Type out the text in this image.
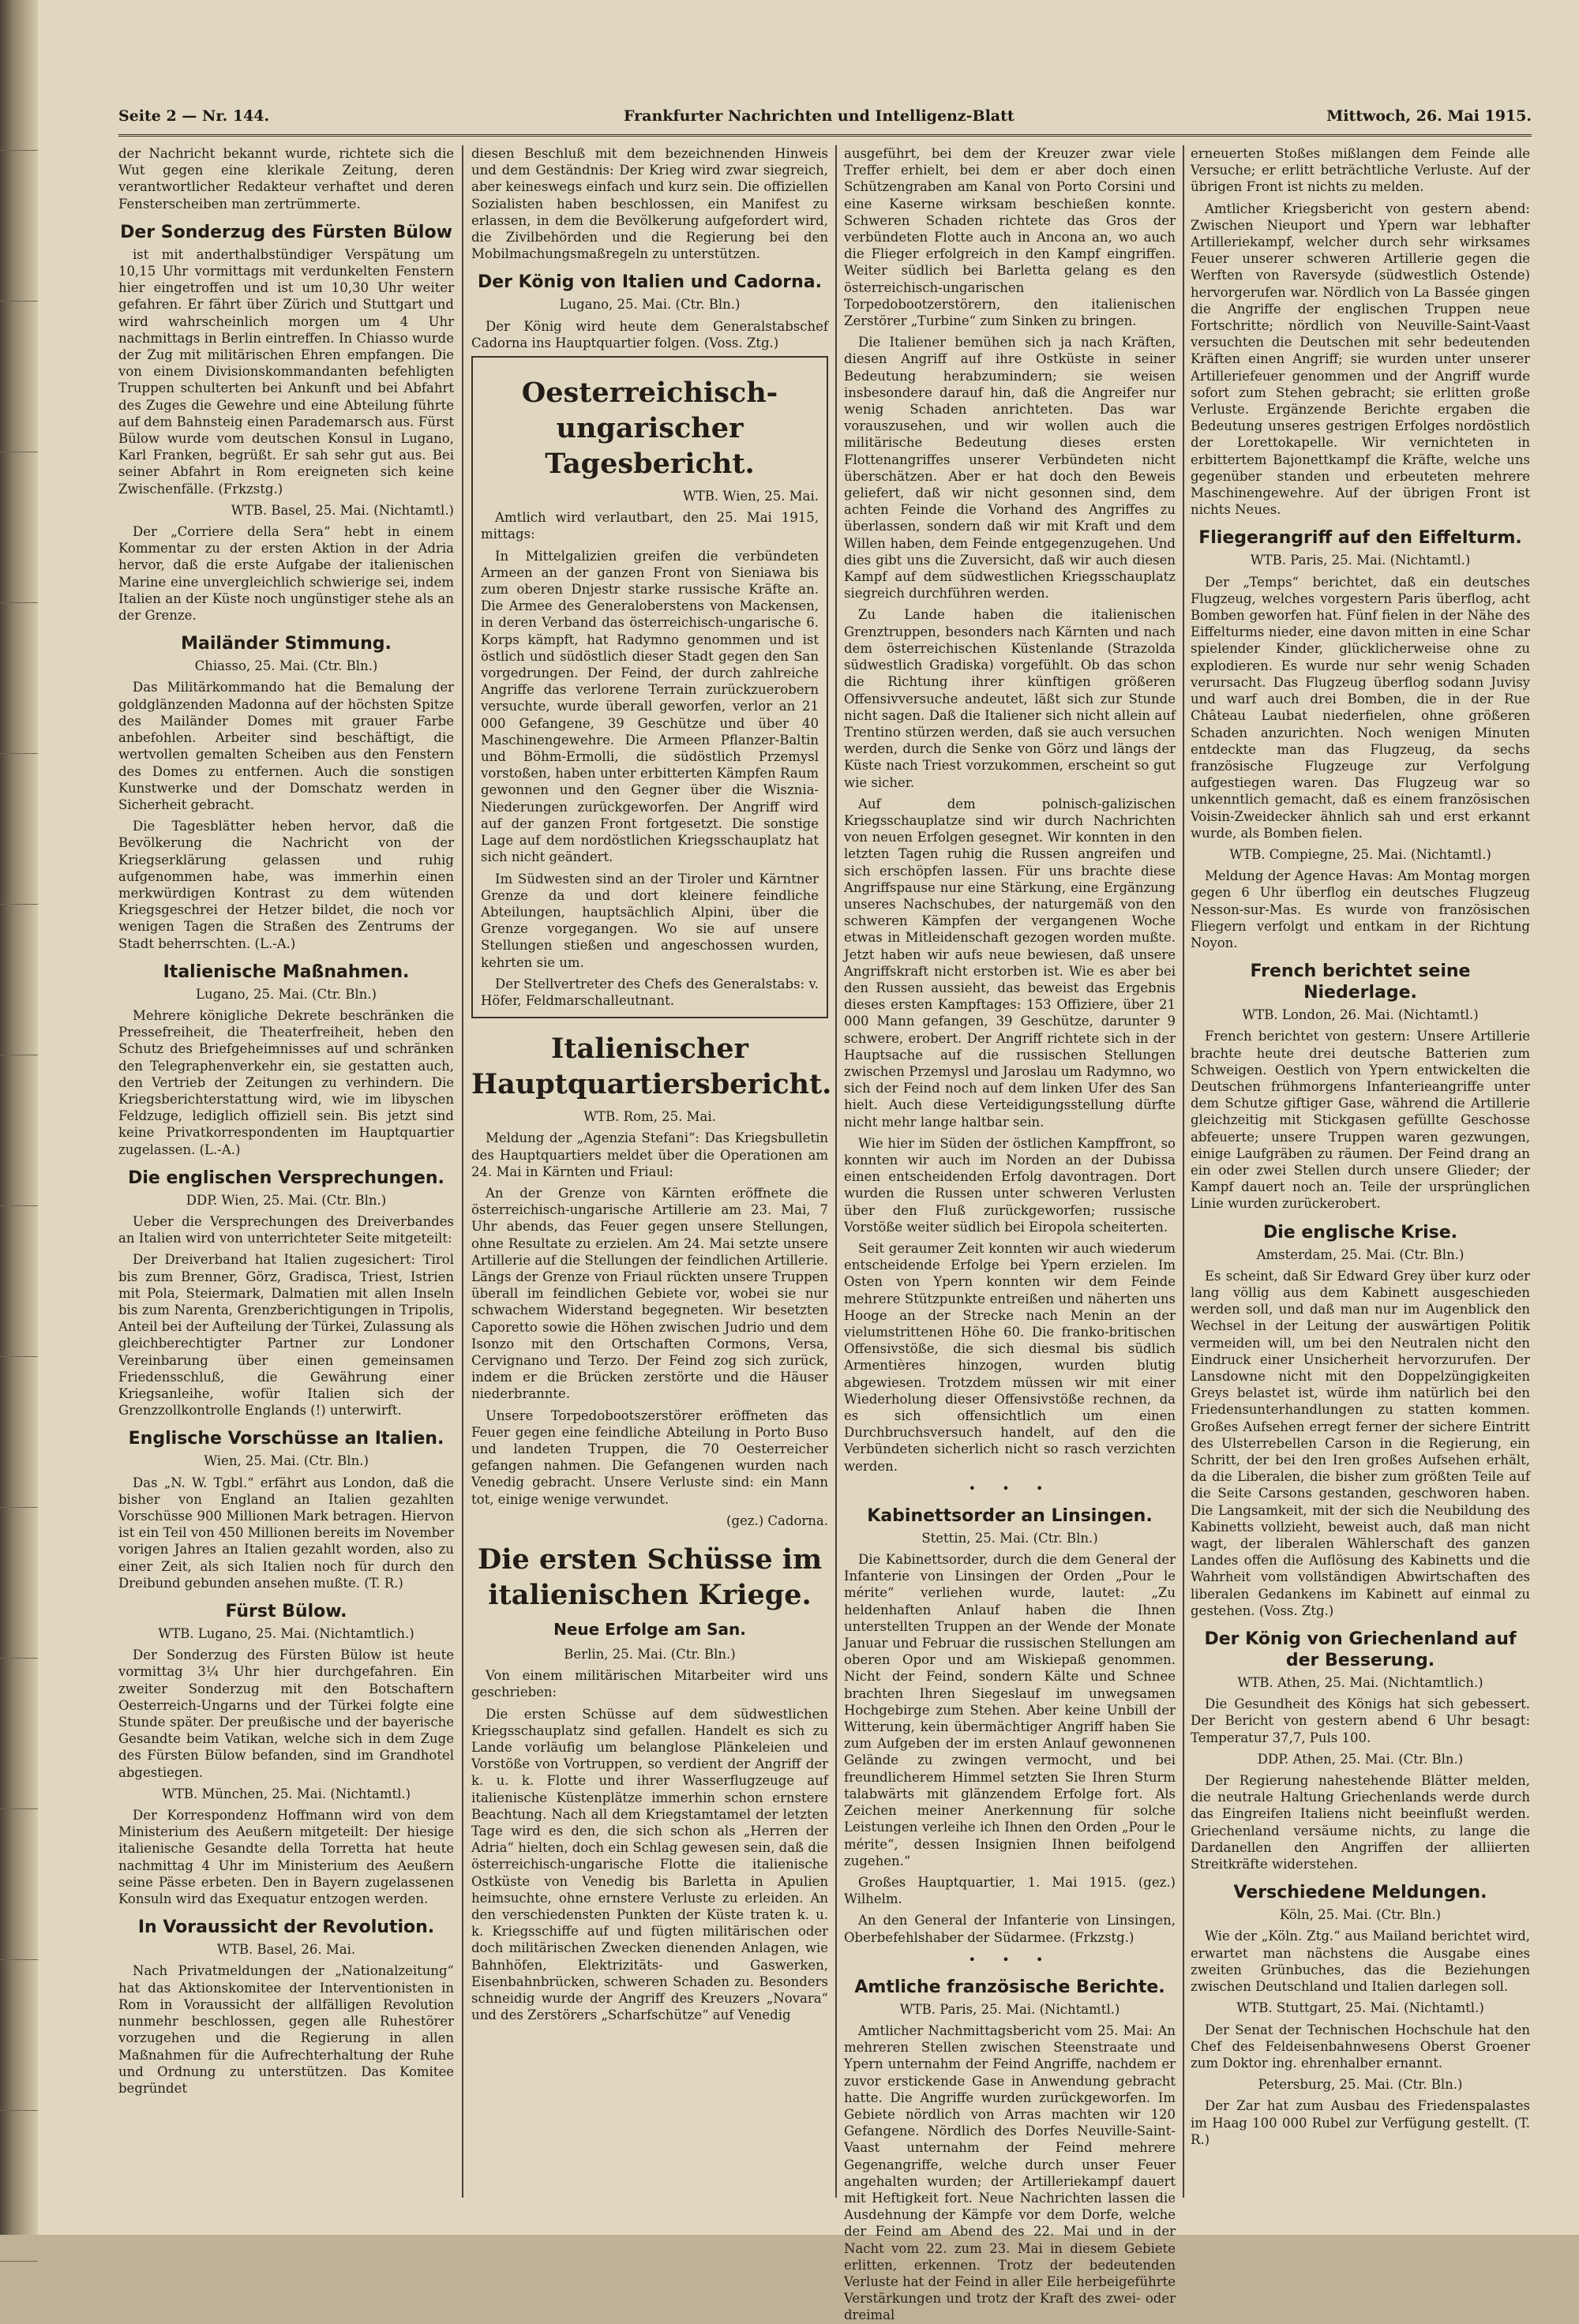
Seite 2 — Nr. 144.	Frankfurter Nachrichten und Intelligenz-Blatt	Mittwoch, 26. Mai 1915.

der Nachricht bekannt wurde, richtete sich die Wut gegen eine klerikale Zeitung, deren verantwortlicher Redakteur verhaftet und deren Fensterscheiben man zertrümmerte.

Der Sonderzug des Fürsten Bülow

ist mit anderthalbstündiger Verspätung um 10,15 Uhr vormittags mit verdunkelten Fenstern hier eingetroffen und ist um 10,30 Uhr weiter gefahren. Er fährt über Zürich und Stuttgart und wird wahrscheinlich morgen um 4 Uhr nachmittags in Berlin eintreffen. In Chiasso wurde der Zug mit militärischen Ehren empfangen. Die von einem Divisionskommandanten befehligten Truppen schulterten bei Ankunft und bei Abfahrt des Zuges die Gewehre und eine Abteilung führte auf dem Bahnsteig einen Parademarsch aus. Fürst Bülow wurde vom deutschen Konsul in Lugano, Karl Franken, begrüßt. Er sah sehr gut aus. Bei seiner Abfahrt in Rom ereigneten sich keine Zwischenfälle. (Frkzstg.)

WTB. Basel, 25. Mai. (Nichtamtl.)

Der „Corriere della Sera“ hebt in einem Kommentar zu der ersten Aktion in der Adria hervor, daß die erste Aufgabe der italienischen Marine eine unvergleichlich schwierige sei, indem Italien an der Küste noch ungünstiger stehe als an der Grenze.

Mailänder Stimmung.

Chiasso, 25. Mai. (Ctr. Bln.)

Das Militärkommando hat die Bemalung der goldglänzenden Madonna auf der höchsten Spitze des Mailänder Domes mit grauer Farbe anbefohlen. Arbeiter sind beschäftigt, die wertvollen gemalten Scheiben aus den Fenstern des Domes zu entfernen. Auch die sonstigen Kunstwerke und der Domschatz werden in Sicherheit gebracht.

Die Tagesblätter heben hervor, daß die Bevölkerung die Nachricht von der Kriegserklärung gelassen und ruhig aufgenommen habe, was immerhin einen merkwürdigen Kontrast zu dem wütenden Kriegsgeschrei der Hetzer bildet, die noch vor wenigen Tagen die Straßen des Zentrums der Stadt beherrschten. (L.-A.)

Italienische Maßnahmen.

Lugano, 25. Mai. (Ctr. Bln.)

Mehrere königliche Dekrete beschränken die Pressefreiheit, die Theaterfreiheit, heben den Schutz des Briefgeheimnisses auf und schränken den Telegraphenverkehr ein, sie gestatten auch, den Vertrieb der Zeitungen zu verhindern. Die Kriegsberichterstattung wird, wie im libyschen Feldzuge, lediglich offiziell sein. Bis jetzt sind keine Privatkorrespondenten im Hauptquartier zugelassen. (L.-A.)

Die englischen Versprechungen.

DDP. Wien, 25. Mai. (Ctr. Bln.)

Ueber die Versprechungen des Dreiverbandes an Italien wird von unterrichteter Seite mitgeteilt:

Der Dreiverband hat Italien zugesichert: Tirol bis zum Brenner, Görz, Gradisca, Triest, Istrien mit Pola, Steiermark, Dalmatien mit allen Inseln bis zum Narenta, Grenzberichtigungen in Tripolis, Anteil bei der Aufteilung der Türkei, Zulassung als gleichberechtigter Partner zur Londoner Vereinbarung über einen gemeinsamen Friedensschluß, die Gewährung einer Kriegsanleihe, wofür Italien sich der Grenzzollkontrolle Englands (!) unterwirft.

Englische Vorschüsse an Italien.

Wien, 25. Mai. (Ctr. Bln.)

Das „N. W. Tgbl.“ erfährt aus London, daß die bisher von England an Italien gezahlten Vorschüsse 900 Millionen Mark betragen. Hiervon ist ein Teil von 450 Millionen bereits im November vorigen Jahres an Italien gezahlt worden, also zu einer Zeit, als sich Italien noch für durch den Dreibund gebunden ansehen mußte. (T. R.)

Fürst Bülow.

WTB. Lugano, 25. Mai. (Nichtamtlich.)

Der Sonderzug des Fürsten Bülow ist heute vormittag 3¼ Uhr hier durchgefahren. Ein zweiter Sonderzug mit den Botschaftern Oesterreich-Ungarns und der Türkei folgte eine Stunde später. Der preußische und der bayerische Gesandte beim Vatikan, welche sich in dem Zuge des Fürsten Bülow befanden, sind im Grandhotel abgestiegen.

WTB. München, 25. Mai. (Nichtamtl.)

Der Korrespondenz Hoffmann wird von dem Ministerium des Aeußern mitgeteilt: Der hiesige italienische Gesandte della Torretta hat heute nachmittag 4 Uhr im Ministerium des Aeußern seine Pässe erbeten. Den in Bayern zugelassenen Konsuln wird das Exequatur entzogen werden.

In Voraussicht der Revolution.

WTB. Basel, 26. Mai.

Nach Privatmeldungen der „Nationalzeitung“ hat das Aktionskomitee der Interventionisten in Rom in Voraussicht der allfälligen Revolution nunmehr beschlossen, gegen alle Ruhestörer vorzugehen und die Regierung in allen Maßnahmen für die Aufrechterhaltung der Ruhe und Ordnung zu unterstützen. Das Komitee begründet

diesen Beschluß mit dem bezeichnenden Hinweis und dem Geständnis: Der Krieg wird zwar siegreich, aber keineswegs einfach und kurz sein. Die offiziellen Sozialisten haben beschlossen, ein Manifest zu erlassen, in dem die Bevölkerung aufgefordert wird, die Zivilbehörden und die Regierung bei den Mobilmachungsmaßregeln zu unterstützen.

Der König von Italien und Cadorna.

Lugano, 25. Mai. (Ctr. Bln.)

Der König wird heute dem Generalstabschef Cadorna ins Hauptquartier folgen. (Voss. Ztg.)

Oesterreichisch-ungarischer Tagesbericht.

WTB. Wien, 25. Mai.

Amtlich wird verlautbart, den 25. Mai 1915, mittags:

In Mittelgalizien greifen die verbündeten Armeen an der ganzen Front von Sieniawa bis zum oberen Dnjestr starke russische Kräfte an. Die Armee des Generaloberstens von Mackensen, in deren Verband das österreichisch-ungarische 6. Korps kämpft, hat Radymno genommen und ist östlich und südöstlich dieser Stadt gegen den San vorgedrungen. Der Feind, der durch zahlreiche Angriffe das verlorene Terrain zurückzuerobern versuchte, wurde überall geworfen, verlor an 21 000 Gefangene, 39 Geschütze und über 40 Maschinengewehre. Die Armeen Pflanzer-Baltin und Böhm-Ermolli, die südöstlich Przemysl vorstoßen, haben unter erbitterten Kämpfen Raum gewonnen und den Gegner über die Wisznia-Niederungen zurückgeworfen. Der Angriff wird auf der ganzen Front fortgesetzt. Die sonstige Lage auf dem nordöstlichen Kriegsschauplatz hat sich nicht geändert.

Im Südwesten sind an der Tiroler und Kärntner Grenze da und dort kleinere feindliche Abteilungen, hauptsächlich Alpini, über die Grenze vorgegangen. Wo sie auf unsere Stellungen stießen und angeschossen wurden, kehrten sie um.

Der Stellvertreter des Chefs des Generalstabs: v. Höfer, Feldmarschalleutnant.

Italienischer Hauptquartiersbericht.

WTB. Rom, 25. Mai.

Meldung der „Agenzia Stefani“: Das Kriegsbulletin des Hauptquartiers meldet über die Operationen am 24. Mai in Kärnten und Friaul:

An der Grenze von Kärnten eröffnete die österreichisch-ungarische Artillerie am 23. Mai, 7 Uhr abends, das Feuer gegen unsere Stellungen, ohne Resultate zu erzielen. Am 24. Mai setzte unsere Artillerie auf die Stellungen der feindlichen Artillerie. Längs der Grenze von Friaul rückten unsere Truppen überall im feindlichen Gebiete vor, wobei sie nur schwachem Widerstand begegneten. Wir besetzten Caporetto sowie die Höhen zwischen Judrio und dem Isonzo mit den Ortschaften Cormons, Versa, Cervignano und Terzo. Der Feind zog sich zurück, indem er die Brücken zerstörte und die Häuser niederbrannte.

Unsere Torpedobootszerstörer eröffneten das Feuer gegen eine feindliche Abteilung in Porto Buso und landeten Truppen, die 70 Oesterreicher gefangen nahmen. Die Gefangenen wurden nach Venedig gebracht. Unsere Verluste sind: ein Mann tot, einige wenige verwundet.

(gez.) Cadorna.

Die ersten Schüsse im italienischen Kriege.
Neue Erfolge am San.

Berlin, 25. Mai. (Ctr. Bln.)

Von einem militärischen Mitarbeiter wird uns geschrieben:

Die ersten Schüsse auf dem südwestlichen Kriegsschauplatz sind gefallen. Handelt es sich zu Lande vorläufig um belanglose Plänkeleien und Vorstöße von Vortruppen, so verdient der Angriff der k. u. k. Flotte und ihrer Wasserflugzeuge auf italienische Küstenplätze immerhin schon ernstere Beachtung. Nach all dem Kriegstamtamel der letzten Tage wird es den, die sich schon als „Herren der Adria“ hielten, doch ein Schlag gewesen sein, daß die österreichisch-ungarische Flotte die italienische Ostküste von Venedig bis Barletta in Apulien heimsuchte, ohne ernstere Verluste zu erleiden. An den verschiedensten Punkten der Küste traten k. u. k. Kriegsschiffe auf und fügten militärischen oder doch militärischen Zwecken dienenden Anlagen, wie Bahnhöfen, Elektrizitäts- und Gaswerken, Eisenbahnbrücken, schweren Schaden zu. Besonders schneidig wurde der Angriff des Kreuzers „Novara“ und des Zerstörers „Scharfschütze“ auf Venedig

ausgeführt, bei dem der Kreuzer zwar viele Treffer erhielt, bei dem er aber doch einen Schützengraben am Kanal von Porto Corsini und eine Kaserne wirksam beschießen konnte. Schweren Schaden richtete das Gros der verbündeten Flotte auch in Ancona an, wo auch die Flieger erfolgreich in den Kampf eingriffen. Weiter südlich bei Barletta gelang es den österreichisch-ungarischen Torpedobootzerstörern, den italienischen Zerstörer „Turbine“ zum Sinken zu bringen.

Die Italiener bemühen sich ja nach Kräften, diesen Angriff auf ihre Ostküste in seiner Bedeutung herabzumindern; sie weisen insbesondere darauf hin, daß die Angreifer nur wenig Schaden anrichteten. Das war vorauszusehen, und wir wollen auch die militärische Bedeutung dieses ersten Flottenangriffes unserer Verbündeten nicht überschätzen. Aber er hat doch den Beweis geliefert, daß wir nicht gesonnen sind, dem achten Feinde die Vorhand des Angriffes zu überlassen, sondern daß wir mit Kraft und dem Willen haben, dem Feinde entgegenzugehen. Und dies gibt uns die Zuversicht, daß wir auch diesen Kampf auf dem südwestlichen Kriegsschauplatz siegreich durchführen werden.

Zu Lande haben die italienischen Grenztruppen, besonders nach Kärnten und nach dem österreichischen Küstenlande (Strazolda südwestlich Gradiska) vorgefühlt. Ob das schon die Richtung ihrer künftigen größeren Offensivversuche andeutet, läßt sich zur Stunde nicht sagen. Daß die Italiener sich nicht allein auf Trentino stürzen werden, daß sie auch versuchen werden, durch die Senke von Görz und längs der Küste nach Triest vorzukommen, erscheint so gut wie sicher.

Auf dem polnisch-galizischen Kriegsschauplatze sind wir durch Nachrichten von neuen Erfolgen gesegnet. Wir konnten in den letzten Tagen ruhig die Russen angreifen und sich erschöpfen lassen. Für uns brachte diese Angriffspause nur eine Stärkung, eine Ergänzung unseres Nachschubes, der naturgemäß von den schweren Kämpfen der vergangenen Woche etwas in Mitleidenschaft gezogen worden mußte. Jetzt haben wir aufs neue bewiesen, daß unsere Angriffskraft nicht erstorben ist. Wie es aber bei den Russen aussieht, das beweist das Ergebnis dieses ersten Kampftages: 153 Offiziere, über 21 000 Mann gefangen, 39 Geschütze, darunter 9 schwere, erobert. Der Angriff richtete sich in der Hauptsache auf die russischen Stellungen zwischen Przemysl und Jaroslau um Radymno, wo sich der Feind noch auf dem linken Ufer des San hielt. Auch diese Verteidigungsstellung dürfte nicht mehr lange haltbar sein.

Wie hier im Süden der östlichen Kampffront, so konnten wir auch im Norden an der Dubissa einen entscheidenden Erfolg davontragen. Dort wurden die Russen unter schweren Verlusten über den Fluß zurückgeworfen; russische Vorstöße weiter südlich bei Eiropola scheiterten.

Seit geraumer Zeit konnten wir auch wiederum entscheidende Erfolge bei Ypern erzielen. Im Osten von Ypern konnten wir dem Feinde mehrere Stützpunkte entreißen und näherten uns Hooge an der Strecke nach Menin an der vielumstrittenen Höhe 60. Die franko-britischen Offensivstöße, die sich diesmal bis südlich Armentières hinzogen, wurden blutig abgewiesen. Trotzdem müssen wir mit einer Wiederholung dieser Offensivstöße rechnen, da es sich offensichtlich um einen Durchbruchsversuch handelt, auf den die Verbündeten sicherlich nicht so rasch verzichten werden.

•  •  •
Kabinettsorder an Linsingen.

Stettin, 25. Mai. (Ctr. Bln.)

Die Kabinettsorder, durch die dem General der Infanterie von Linsingen der Orden „Pour le mérite“ verliehen wurde, lautet: „Zu heldenhaften Anlauf haben die Ihnen unterstellten Truppen an der Wende der Monate Januar und Februar die russischen Stellungen am oberen Opor und am Wiskiepaß genommen. Nicht der Feind, sondern Kälte und Schnee brachten Ihren Siegeslauf im unwegsamen Hochgebirge zum Stehen. Aber keine Unbill der Witterung, kein übermächtiger Angriff haben Sie zum Aufgeben der im ersten Anlauf gewonnenen Gelände zu zwingen vermocht, und bei freundlicherem Himmel setzten Sie Ihren Sturm talabwärts mit glänzendem Erfolge fort. Als Zeichen meiner Anerkennung für solche Leistungen verleihe ich Ihnen den Orden „Pour le mérite“, dessen Insignien Ihnen beifolgend zugehen.“

Großes Hauptquartier, 1. Mai 1915. (gez.) Wilhelm.

An den General der Infanterie von Linsingen, Oberbefehlshaber der Südarmee. (Frkzstg.)

•  •  •
Amtliche französische Berichte.

WTB. Paris, 25. Mai. (Nichtamtl.)

Amtlicher Nachmittagsbericht vom 25. Mai: An mehreren Stellen zwischen Steenstraate und Ypern unternahm der Feind Angriffe, nachdem er zuvor erstickende Gase in Anwendung gebracht hatte. Die Angriffe wurden zurückgeworfen. Im Gebiete nördlich von Arras machten wir 120 Gefangene. Nördlich des Dorfes Neuville-Saint-Vaast unternahm der Feind mehrere Gegenangriffe, welche durch unser Feuer angehalten wurden; der Artilleriekampf dauert mit Heftigkeit fort. Neue Nachrichten lassen die Ausdehnung der Kämpfe vor dem Dorfe, welche der Feind am Abend des 22. Mai und in der Nacht vom 22. zum 23. Mai in diesem Gebiete erlitten, erkennen. Trotz der bedeutenden Verluste hat der Feind in aller Eile herbeigeführte Verstärkungen und trotz der Kraft des zwei- oder dreimal

erneuerten Stoßes mißlangen dem Feinde alle Versuche; er erlitt beträchtliche Verluste. Auf der übrigen Front ist nichts zu melden.

Amtlicher Kriegsbericht von gestern abend: Zwischen Nieuport und Ypern war lebhafter Artilleriekampf, welcher durch sehr wirksames Feuer unserer schweren Artillerie gegen die Werften von Raversyde (südwestlich Ostende) hervorgerufen war. Nördlich von La Bassée gingen die Angriffe der englischen Truppen neue Fortschritte; nördlich von Neuville-Saint-Vaast versuchten die Deutschen mit sehr bedeutenden Kräften einen Angriff; sie wurden unter unserer Artilleriefeuer genommen und der Angriff wurde sofort zum Stehen gebracht; sie erlitten große Verluste. Ergänzende Berichte ergaben die Bedeutung unseres gestrigen Erfolges nordöstlich der Lorettokapelle. Wir vernichteten in erbittertem Bajonettkampf die Kräfte, welche uns gegenüber standen und erbeuteten mehrere Maschinengewehre. Auf der übrigen Front ist nichts Neues.

Fliegerangriff auf den Eiffelturm.

WTB. Paris, 25. Mai. (Nichtamtl.)

Der „Temps“ berichtet, daß ein deutsches Flugzeug, welches vorgestern Paris überflog, acht Bomben geworfen hat. Fünf fielen in der Nähe des Eiffelturms nieder, eine davon mitten in eine Schar spielender Kinder, glücklicherweise ohne zu explodieren. Es wurde nur sehr wenig Schaden verursacht. Das Flugzeug überflog sodann Juvisy und warf auch drei Bomben, die in der Rue Château Laubat niederfielen, ohne größeren Schaden anzurichten. Noch wenigen Minuten entdeckte man das Flugzeug, da sechs französische Flugzeuge zur Verfolgung aufgestiegen waren. Das Flugzeug war so unkenntlich gemacht, daß es einem französischen Voisin-Zweidecker ähnlich sah und erst erkannt wurde, als Bomben fielen.

WTB. Compiegne, 25. Mai. (Nichtamtl.)

Meldung der Agence Havas: Am Montag morgen gegen 6 Uhr überflog ein deutsches Flugzeug Nesson-sur-Mas. Es wurde von französischen Fliegern verfolgt und entkam in der Richtung Noyon.

French berichtet seine Niederlage.

WTB. London, 26. Mai. (Nichtamtl.)

French berichtet von gestern: Unsere Artillerie brachte heute drei deutsche Batterien zum Schweigen. Oestlich von Ypern entwickelten die Deutschen frühmorgens Infanterieangriffe unter dem Schutze giftiger Gase, während die Artillerie gleichzeitig mit Stickgasen gefüllte Geschosse abfeuerte; unsere Truppen waren gezwungen, einige Laufgräben zu räumen. Der Feind drang an ein oder zwei Stellen durch unsere Glieder; der Kampf dauert noch an. Teile der ursprünglichen Linie wurden zurückerobert.

Die englische Krise.

Amsterdam, 25. Mai. (Ctr. Bln.)

Es scheint, daß Sir Edward Grey über kurz oder lang völlig aus dem Kabinett ausgeschieden werden soll, und daß man nur im Augenblick den Wechsel in der Leitung der auswärtigen Politik vermeiden will, um bei den Neutralen nicht den Eindruck einer Unsicherheit hervorzurufen. Der Lansdowne nicht mit den Doppelzüngigkeiten Greys belastet ist, würde ihm natürlich bei den Friedensunterhandlungen zu statten kommen. Großes Aufsehen erregt ferner der sichere Eintritt des Ulsterrebellen Carson in die Regierung, ein Schritt, der bei den Iren großes Aufsehen erhält, da die Liberalen, die bisher zum größten Teile auf die Seite Carsons gestanden, geschworen haben. Die Langsamkeit, mit der sich die Neubildung des Kabinetts vollzieht, beweist auch, daß man nicht wagt, der liberalen Wählerschaft des ganzen Landes offen die Auflösung des Kabinetts und die Wahrheit vom vollständigen Abwirtschaften des liberalen Gedankens im Kabinett auf einmal zu gestehen. (Voss. Ztg.)

Der König von Griechenland auf der Besserung.

WTB. Athen, 25. Mai. (Nichtamtlich.)

Die Gesundheit des Königs hat sich gebessert. Der Bericht von gestern abend 6 Uhr besagt: Temperatur 37,7, Puls 100.

DDP. Athen, 25. Mai. (Ctr. Bln.)

Der Regierung nahestehende Blätter melden, die neutrale Haltung Griechenlands werde durch das Eingreifen Italiens nicht beeinflußt werden. Griechenland versäume nichts, zu lange die Dardanellen den Angriffen der alliierten Streitkräfte widerstehen.

Verschiedene Meldungen.

Köln, 25. Mai. (Ctr. Bln.)

Wie der „Köln. Ztg.“ aus Mailand berichtet wird, erwartet man nächstens die Ausgabe eines zweiten Grünbuches, das die Beziehungen zwischen Deutschland und Italien darlegen soll.

WTB. Stuttgart, 25. Mai. (Nichtamtl.)

Der Senat der Technischen Hochschule hat den Chef des Feldeisenbahnwesens Oberst Groener zum Doktor ing. ehrenhalber ernannt.

Petersburg, 25. Mai. (Ctr. Bln.)

Der Zar hat zum Ausbau des Friedenspalastes im Haag 100 000 Rubel zur Verfügung gestellt. (T. R.)
